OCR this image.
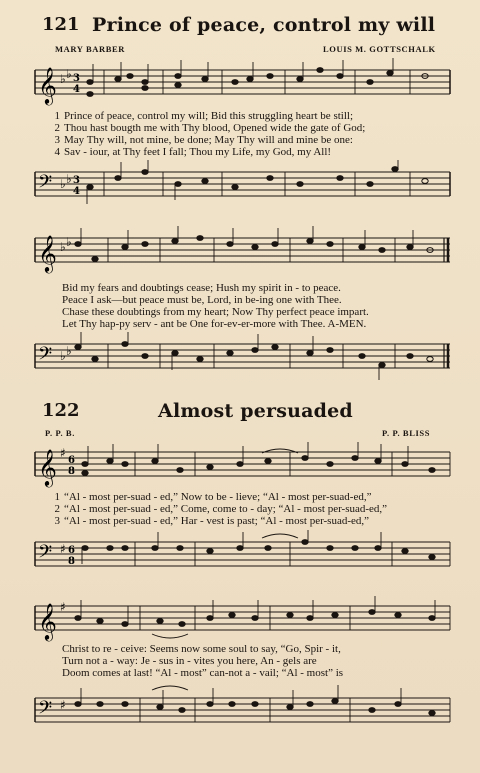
121 Prince of peace, control my will
MARY BARBER	LOUIS M. GOTTSCHALK
𝄞 ♭ ♭ 3
4
1 Prince of peace, control my will; Bid this struggling heart be still;
2 Thou hast bougth me with Thy blood, Opened wide the gate of God;
3 May Thy will, not mine, be done; May Thy will and mine be one:
4 Sav - iour, at Thy feet I fall; Thou my Life, my God, my All!
𝄢 ♭ ♭ 3
4
𝄞 ♭ ♭
Bid my fears and doubtings cease; Hush my spirit in - to peace.
Peace I ask—but peace must be, Lord, in be-ing one with Thee.
Chase these doubtings from my heart; Now Thy perfect peace impart.
Let Thy hap-py serv - ant be One for-ev-er-more with Thee. A-MEN.
𝄢 ♭ ♭
122	Almost persuaded
P. P. B.	P. P. BLISS
𝄞 ♯
6
8
1 “Al - most per-suad - ed,” Now to be - lieve; “Al - most per-suad-ed,”
2 “Al - most per-suad - ed,” Come, come to - day; “Al - most per-suad-ed,”
3 “Al - most per-suad - ed,” Har - vest is past; “Al - most per-suad-ed,”
𝄢 ♯ 6
8
𝄞 ♯
Christ to re - ceive: Seems now some soul to say, “Go, Spir - it,
Turn not a - way: Je - sus in - vites you here, An - gels are
Doom comes at last! “Al - most” can-not a - vail; “Al - most” is
𝄢 ♯
